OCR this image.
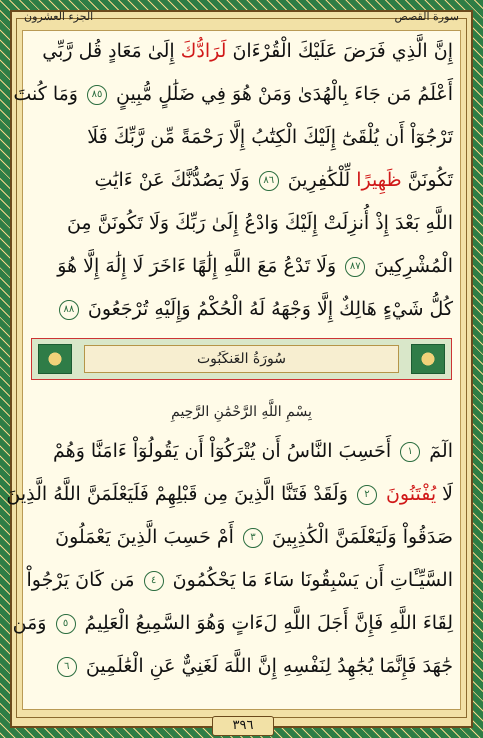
الجزء العشرون	سورة القصص
إِنَّ الَّذِي فَرَضَ عَلَيْكَ الْقُرْءَانَ لَرَادُّكَ إِلَىٰ مَعَادٍ قُل رَّبِّي
أَعْلَمُ مَن جَاءَ بِالْهُدَىٰ وَمَنْ هُوَ فِي ضَلَٰلٍ مُّبِينٍ ٨٥ وَمَا كُنتَ
تَرْجُوٓاْ أَن يُلْقَىٰٓ إِلَيْكَ الْكِتَٰبُ إِلَّا رَحْمَةً مِّن رَّبِّكَ فَلَا
تَكُونَنَّ ظَهِيرًا لِّلْكَٰفِرِينَ ٨٦ وَلَا يَصُدُّنَّكَ عَنْ ءَايَٰتِ
اللَّهِ بَعْدَ إِذْ أُنزِلَتْ إِلَيْكَ وَادْعُ إِلَىٰ رَبِّكَ وَلَا تَكُونَنَّ مِنَ
الْمُشْرِكِينَ ٨٧ وَلَا تَدْعُ مَعَ اللَّهِ إِلَٰهًا ءَاخَرَ لَا إِلَٰهَ إِلَّا هُوَ
كُلُّ شَيْءٍ هَالِكٌ إِلَّا وَجْهَهُ لَهُ الْحُكْمُ وَإِلَيْهِ تُرْجَعُونَ ٨٨
سُورَةُ العَنكَبُوت
بِسْمِ اللَّهِ الرَّحْمَٰنِ الرَّحِيمِ
الٓمٓ ١ أَحَسِبَ النَّاسُ أَن يُتْرَكُوٓاْ أَن يَقُولُوٓاْ ءَامَنَّا وَهُمْ
لَا يُفْتَنُونَ ٢ وَلَقَدْ فَتَنَّا الَّذِينَ مِن قَبْلِهِمْ فَلَيَعْلَمَنَّ اللَّهُ الَّذِينَ
صَدَقُواْ وَلَيَعْلَمَنَّ الْكَٰذِبِينَ ٣ أَمْ حَسِبَ الَّذِينَ يَعْمَلُونَ
السَّيِّـَٔاتِ أَن يَسْبِقُونَا سَاءَ مَا يَحْكُمُونَ ٤ مَن كَانَ يَرْجُواْ
لِقَاءَ اللَّهِ فَإِنَّ أَجَلَ اللَّهِ لَءَاتٍ وَهُوَ السَّمِيعُ الْعَلِيمُ ٥ وَمَن
جَٰهَدَ فَإِنَّمَا يُجَٰهِدُ لِنَفْسِهِ إِنَّ اللَّهَ لَغَنِيٌّ عَنِ الْعَٰلَمِينَ ٦
٣٩٦
